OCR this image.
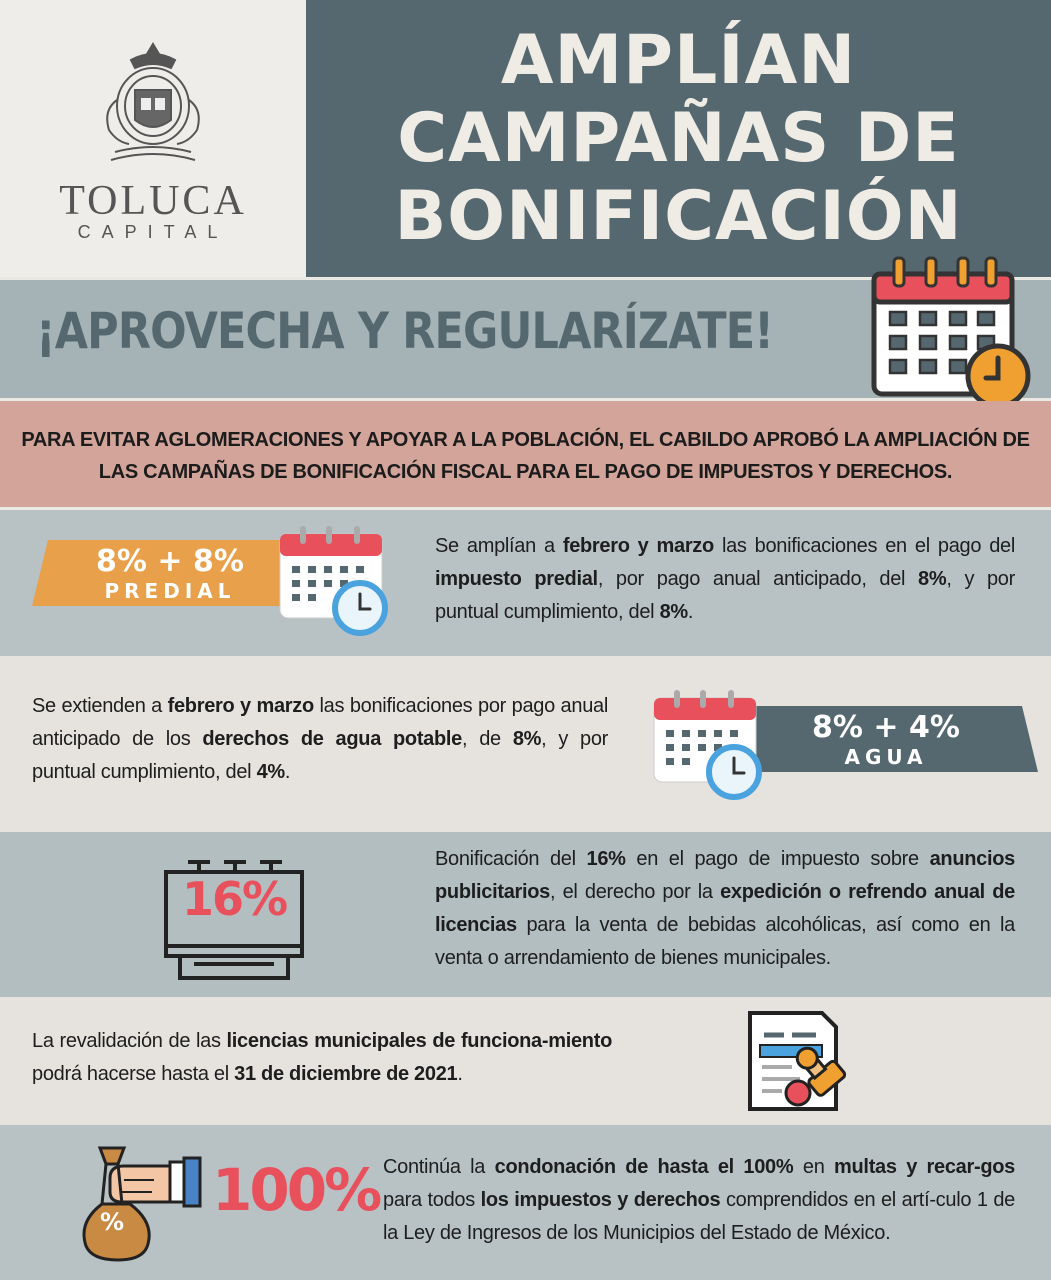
TOLUCA
CAPITAL
AMPLÍAN
CAMPAÑAS DE
BONIFICACIÓN
¡APROVECHA Y REGULARÍZATE!
PARA EVITAR AGLOMERACIONES Y APOYAR A LA POBLACIÓN, EL CABILDO APROBÓ LA AMPLIACIÓN DE LAS CAMPAÑAS DE BONIFICACIÓN FISCAL PARA EL PAGO DE IMPUESTOS Y DERECHOS.
8% + 8%
PREDIAL
Se amplían a febrero y marzo las bonificaciones en el pago del impuesto predial, por pago anual anticipado, del 8%, y por puntual cumplimiento, del 8%.
Se extienden a febrero y marzo las bonificaciones por pago anual anticipado de los derechos de agua potable, de 8%, y por puntual cumplimiento, del 4%.
8% + 4%
AGUA
16%
Bonificación del 16% en el pago de impuesto sobre anuncios publicitarios, el derecho por la expedición o refrendo anual de licencias para la venta de bebidas alcohólicas, así como en la venta o arrendamiento de bienes municipales.
La revalidación de las licencias municipales de funciona-miento podrá hacerse hasta el 31 de diciembre de 2021.
% 100% Continúa la condonación de hasta el 100% en multas y recar-gos para todos los impuestos y derechos comprendidos en el artí-culo 1 de la Ley de Ingresos de los Municipios del Estado de México.
